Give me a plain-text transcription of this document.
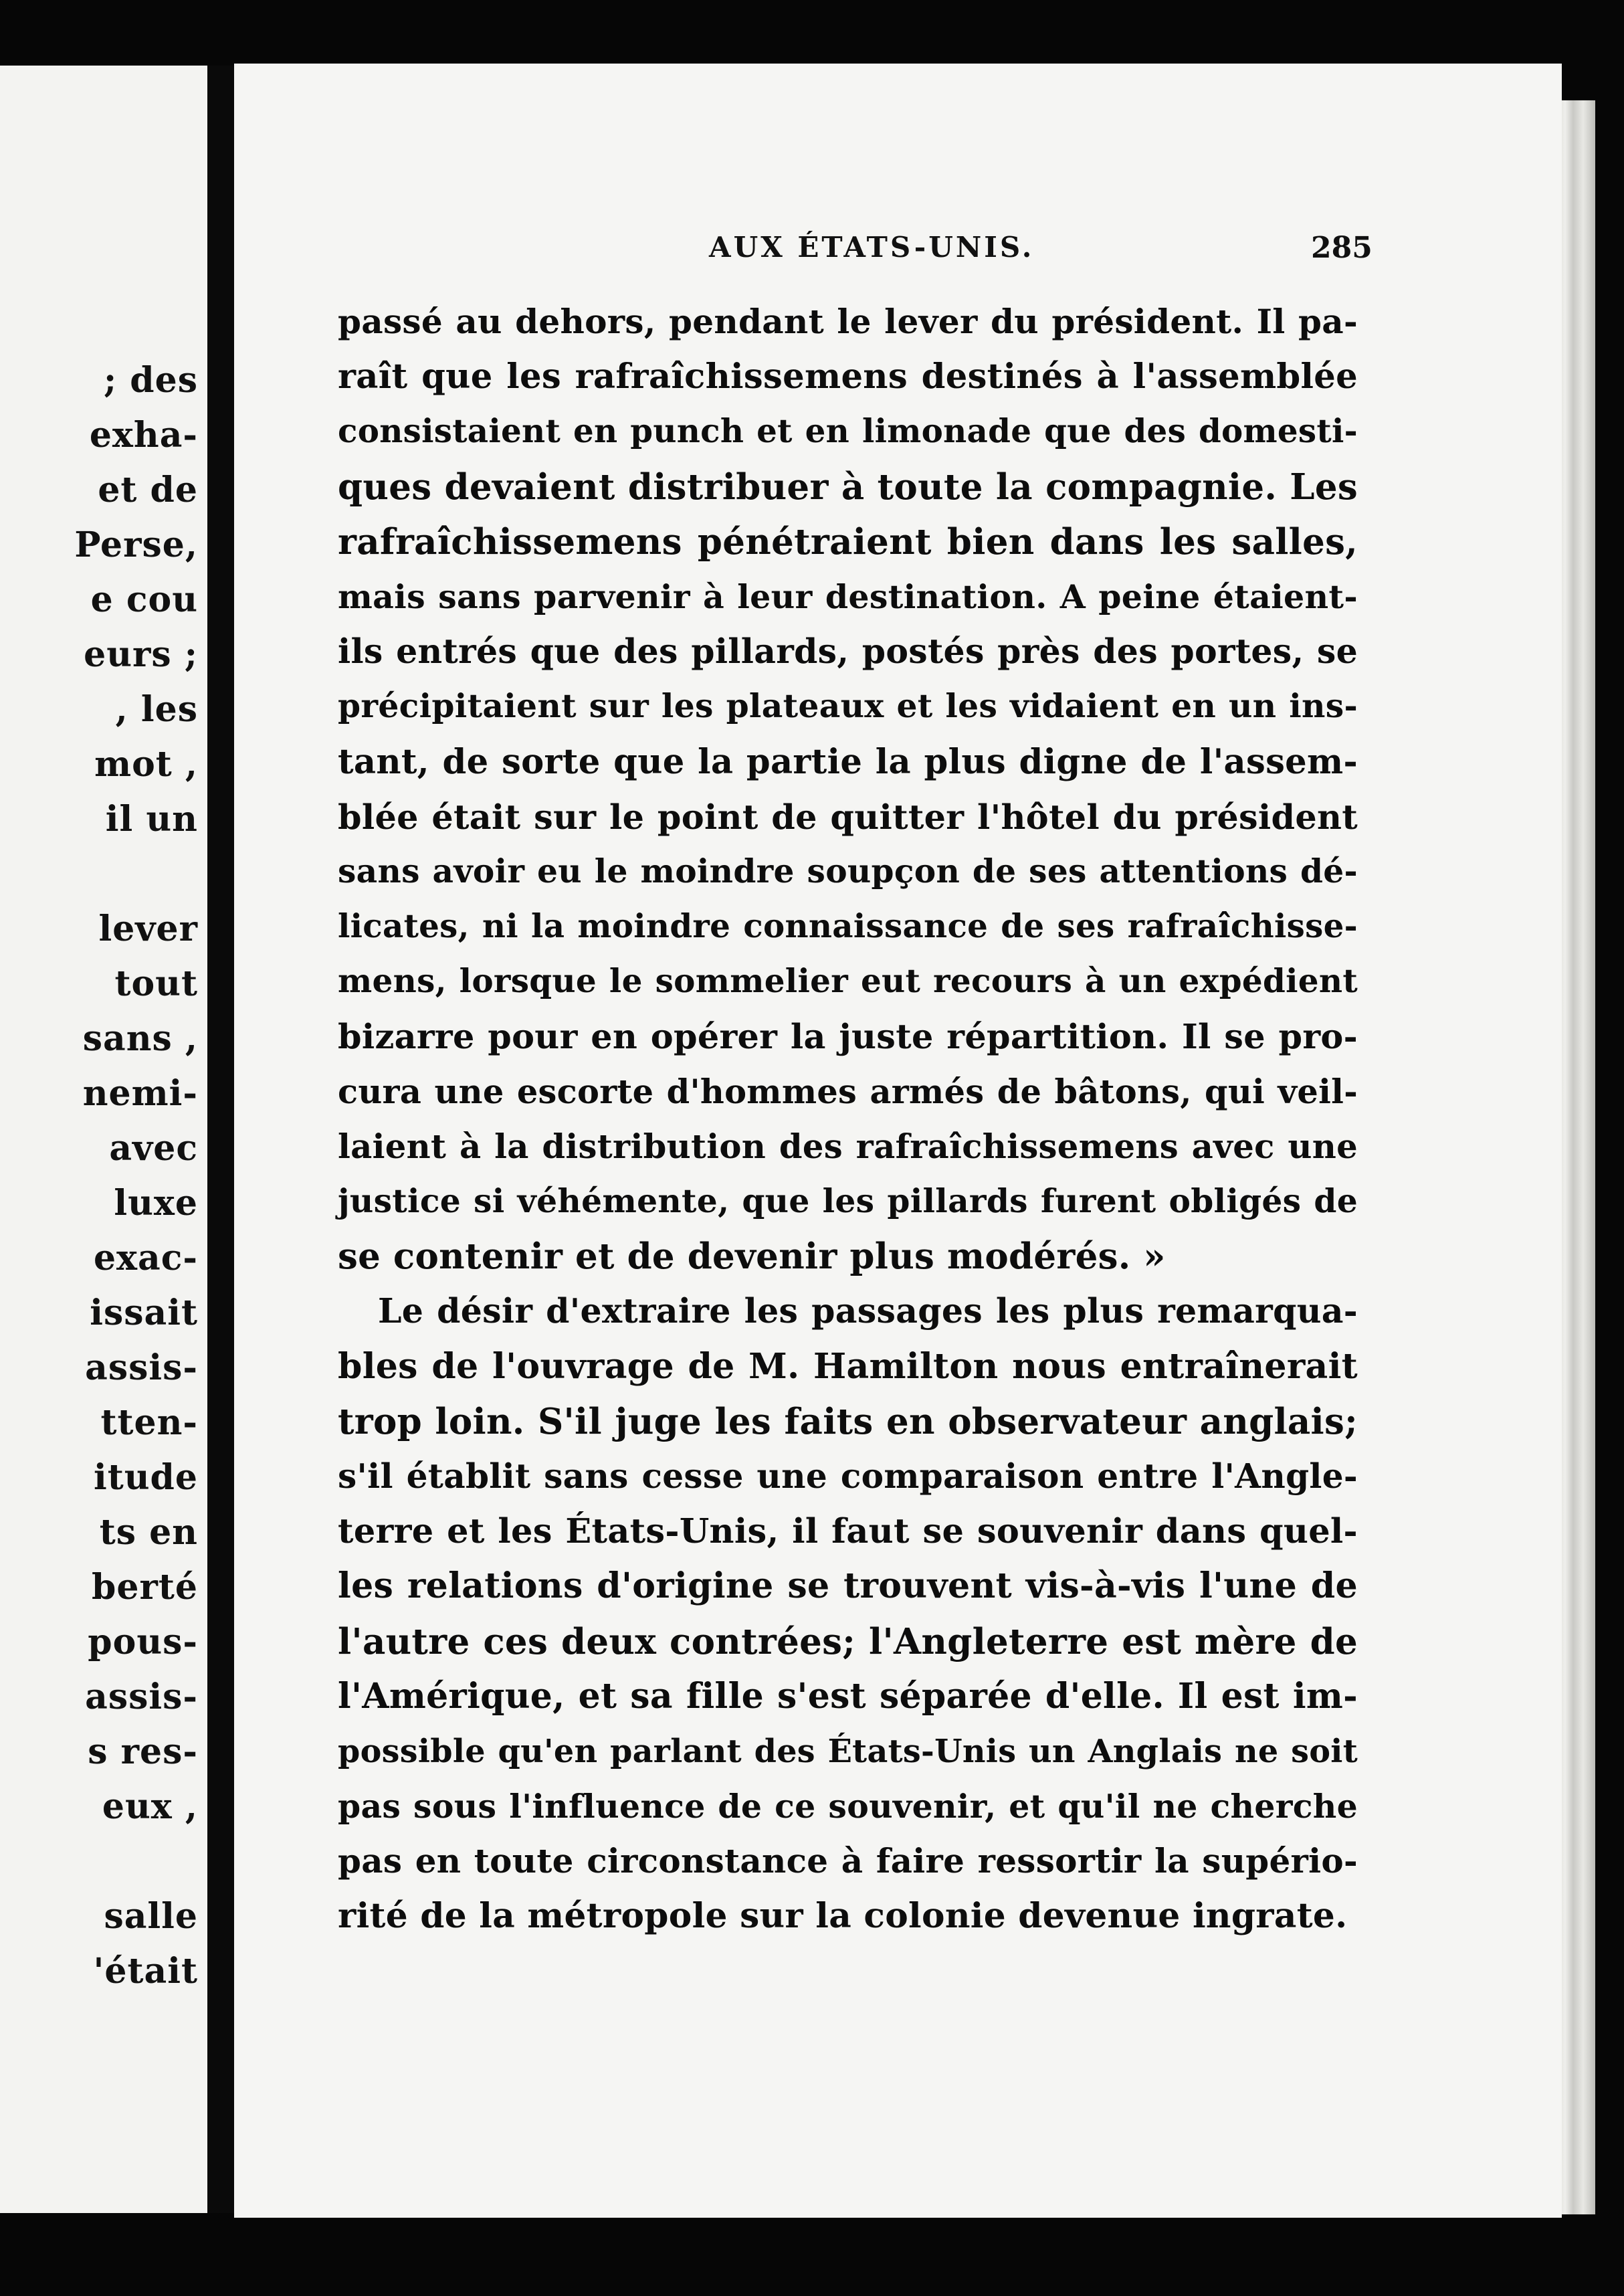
; des
exha-
et de
Perse,
e cou
eurs ;
, les
mot ,
il un
lever
tout
sans ,
nemi-
avec
luxe
exac-
issait
assis-
tten-
itude
ts en
berté
pous-
assis-
s res-
eux ,
salle
'était
AUX ÉTATS-UNIS.	285
passé au dehors, pendant le lever du président. Il pa-
raît que les rafraîchissemens destinés à l'assemblée
consistaient en punch et en limonade que des domesti-
ques devaient distribuer à toute la compagnie. Les
rafraîchissemens pénétraient bien dans les salles,
mais sans parvenir à leur destination. A peine étaient-
ils entrés que des pillards, postés près des portes, se
précipitaient sur les plateaux et les vidaient en un ins-
tant, de sorte que la partie la plus digne de l'assem-
blée était sur le point de quitter l'hôtel du président
sans avoir eu le moindre soupçon de ses attentions dé-
licates, ni la moindre connaissance de ses rafraîchisse-
mens, lorsque le sommelier eut recours à un expédient
bizarre pour en opérer la juste répartition. Il se pro-
cura une escorte d'hommes armés de bâtons, qui veil-
laient à la distribution des rafraîchissemens avec une
justice si véhémente, que les pillards furent obligés de
se contenir et de devenir plus modérés. »
Le désir d'extraire les passages les plus remarqua-
bles de l'ouvrage de M. Hamilton nous entraînerait
trop loin. S'il juge les faits en observateur anglais;
s'il établit sans cesse une comparaison entre l'Angle-
terre et les États-Unis, il faut se souvenir dans quel-
les relations d'origine se trouvent vis-à-vis l'une de
l'autre ces deux contrées; l'Angleterre est mère de
l'Amérique, et sa fille s'est séparée d'elle. Il est im-
possible qu'en parlant des États-Unis un Anglais ne soit
pas sous l'influence de ce souvenir, et qu'il ne cherche
pas en toute circonstance à faire ressortir la supério-
rité de la métropole sur la colonie devenue ingrate.
